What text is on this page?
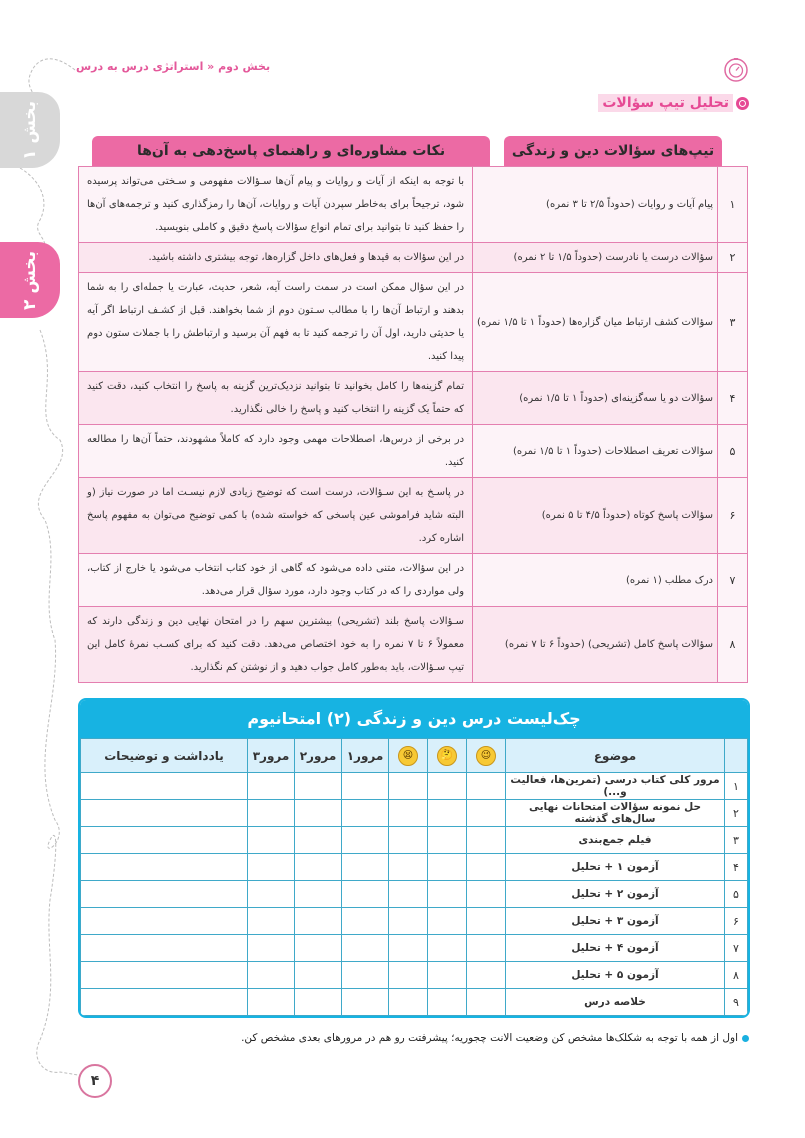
بخش ۱
بخش ۲
بخش دوم « استراتژی درس به درس
تحلیل تیپ سؤالات
تیپ‌های سؤالات دین و زندگی
نکات مشاوره‌ای و راهنمای پاسخ‌دهی به آن‌ها
۱	پیام آیات و روایات (حدوداً ۲/۵ تا ۳ نمره)	با توجه به اینکه از آیات و روایات و پیام آن‌ها سـؤالات مفهومی و سـختی می‌تواند پرسیده شود، ترجیحاً برای به‌خاطر سپردن آیات و روایات، آن‌ها را رمزگذاری کنید و ترجمه‌های آن‌ها را حفظ کنید تا بتوانید برای تمام انواع سؤالات پاسخ دقیق و کاملی بنویسید.
۲	سؤالات درست یا نادرست (حدوداً ۱/۵ تا ۲ نمره)	در این سؤالات به قیدها و فعل‌های داخل گزاره‌ها، توجه بیشتری داشته باشید.
۳	سؤالات کشف ارتباط میان گزاره‌ها (حدوداً ۱ تا ۱/۵ نمره)	در این سؤال ممکن است در سمت راست آیه، شعر، حدیث، عبارت یا جمله‌ای را به شما بدهند و ارتباط آن‌ها را با مطالب سـتون دوم از شما بخواهند. قبل از کشـف ارتباط اگر آیه یا حدیثی دارید، اول آن را ترجمه کنید تا به فهم آن برسید و ارتباطش را با جملات ستون دوم پیدا کنید.
۴	سؤالات دو یا سه‌گزینه‌ای (حدوداً ۱ تا ۱/۵ نمره)	تمام گزینه‌ها را کامل بخوانید تا بتوانید نزدیک‌ترین گزینه به پاسخ را انتخاب کنید، دقت کنید که حتماً یک گزینه را انتخاب کنید و پاسخ را خالی نگذارید.
۵	سؤالات تعریف اصطلاحات (حدوداً ۱ تا ۱/۵ نمره)	در برخی از درس‌ها، اصطلاحات مهمی وجود دارد که کاملاً مشهودند، حتماً آن‌ها را مطالعه کنید.
۶	سؤالات پاسخ کوتاه (حدوداً ۴/۵ تا ۵ نمره)	در پاسـخ به این سـؤالات، درست است که توضیح زیادی لازم نیسـت اما در صورت نیاز (و البته شاید فراموشی عین پاسخی که خواسته شده) با کمی توضیح می‌توان به مفهوم پاسخ اشاره کرد.
۷	درک مطلب (۱ نمره)	در این سؤالات، متنی داده می‌شود که گاهی از خود کتاب انتخاب می‌شود یا خارج از کتاب، ولی مواردی را که در کتاب وجود دارد، مورد سؤال قرار می‌دهد.
۸	سؤالات پاسخ کامل (تشریحی) (حدوداً ۶ تا ۷ نمره)	سـؤالات پاسخ بلند (تشریحی) بیشترین سهم را در امتحان نهایی دین و زندگی دارند که معمولاً ۶ تا ۷ نمره را به خود اختصاص می‌دهد. دقت کنید که برای کسـب نمرهٔ کامل این تیپ سـؤالات، باید به‌طور کامل جواب دهید و از نوشتن کم نگذارید.
چک‌لیست درس دین و زندگی (۲) امتحانیوم
	موضوع	😉	🤔	😫	مرور۱	مرور۲	مرور۳	یادداشت و توضیحات
۱	مرور کلی کتاب درسی (تمرین‌ها، فعالیت و...)							
۲	حل نمونه سؤالات امتحانات نهایی سال‌های گذشته							
۳	فیلم جمع‌بندی							
۴	آزمون ۱ + تحلیل							
۵	آزمون ۲ + تحلیل							
۶	آزمون ۳ + تحلیل							
۷	آزمون ۴ + تحلیل							
۸	آزمون ۵ + تحلیل							
۹	خلاصه درس							
اول از همه با توجه به شکلک‌ها مشخص کن وضعیت الانت چجوریه؛ پیشرفتت رو هم در مرورهای بعدی مشخص کن.
۴
